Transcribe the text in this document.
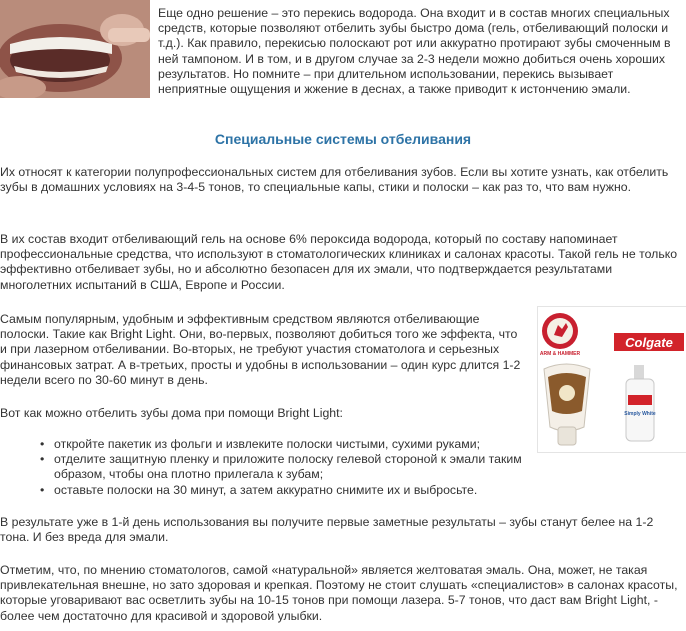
Еще одно решение – это перекись водорода. Она входит и в состав многих специальных средств, которые позволяют отбелить зубы быстро дома (гель, отбеливающий полоски и т.д.). Как правило, перекисью полоскают рот или аккуратно протирают зубы смоченным в ней тампоном. И в том, и в другом случае за 2-3 недели можно добиться очень хороших результатов. Но помните – при длительном использовании, перекись вызывает неприятные ощущения и жжение в деснах, а также приводит к истончению эмали.

Специальные системы отбеливания

Их относят к категории полупрофессиональных систем для отбеливания зубов. Если вы хотите узнать, как отбелить зубы в домашних условиях на 3-4-5 тонов, то специальные капы, стики и полоски – как раз то, что вам нужно.

В их состав входит отбеливающий гель на основе 6% пероксида водорода, который по составу напоминает профессиональные средства, что используют в стоматологических клиниках и салонах красоты. Такой гель не только эффективно отбеливает зубы, но и абсолютно безопасен для их эмали, что подтверждается результатами многолетних испытаний в США, Европе и России.

Самым популярным, удобным и эффективным средством являются отбеливающие полоски. Такие как Bright Light. Они, во-первых, позволяют добиться того же эффекта, что и при лазерном отбеливании. Во-вторых, не требуют участия стоматолога и серьезных финансовых затрат. А в-третьих, просты и удобны в использовании – один курс длится 1-2 недели всего по 30-60 минут в день.

Вот как можно отбелить зубы дома при помощи Bright Light:

• откройте пакетик из фольги и извлеките полоски чистыми, сухими руками;
• отделите защитную пленку и приложите полоску гелевой стороной к эмали таким образом, чтобы она плотно прилегала к зубам;
• оставьте полоски на 30 минут, а затем аккуратно снимите их и выбросьте.

В результате уже в 1-й день использования вы получите первые заметные результаты – зубы станут белее на 1-2 тона. И без вреда для эмали.

Отметим, что, по мнению стоматологов, самой «натуральной» является желтоватая эмаль. Она, может, не такая привлекательная внешне, но зато здоровая и крепкая. Поэтому не стоит слушать «специалистов» в салонах красоты, которые уговаривают вас осветлить зубы на 10-15 тонов при помощи лазера. 5-7 тонов, что даст вам Bright Light, - более чем достаточно для красивой и здоровой улыбки.

ARM & HAMMER
Colgate
Simply White
